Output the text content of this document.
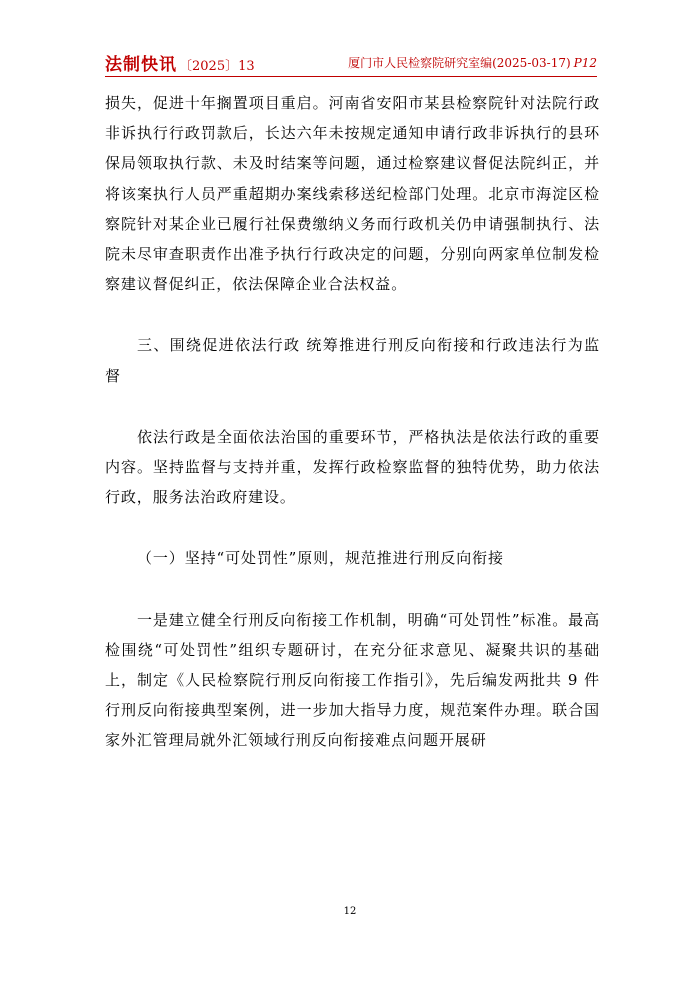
法制快讯 〔2025〕13	厦门市人民检察院研究室编(2025-03-17) P12

损失，促进十年搁置项目重启。河南省安阳市某县检察院针对法院行政非诉执行行政罚款后，长达六年未按规定通知申请行政非诉执行的县环保局领取执行款、未及时结案等问题，通过检察建议督促法院纠正，并将该案执行人员严重超期办案线索移送纪检部门处理。北京市海淀区检察院针对某企业已履行社保费缴纳义务而行政机关仍申请强制执行、法院未尽审查职责作出准予执行行政决定的问题，分别向两家单位制发检察建议督促纠正，依法保障企业合法权益。

三、围绕促进依法行政 统筹推进行刑反向衔接和行政违法行为监督

依法行政是全面依法治国的重要环节，严格执法是依法行政的重要内容。坚持监督与支持并重，发挥行政检察监督的独特优势，助力依法行政，服务法治政府建设。

（一）坚持“可处罚性”原则，规范推进行刑反向衔接

一是建立健全行刑反向衔接工作机制，明确“可处罚性”标准。最高检围绕“可处罚性”组织专题研讨，在充分征求意见、凝聚共识的基础上，制定《人民检察院行刑反向衔接工作指引》，先后编发两批共 9 件行刑反向衔接典型案例，进一步加大指导力度，规范案件办理。联合国家外汇管理局就外汇领域行刑反向衔接难点问题开展研

12
